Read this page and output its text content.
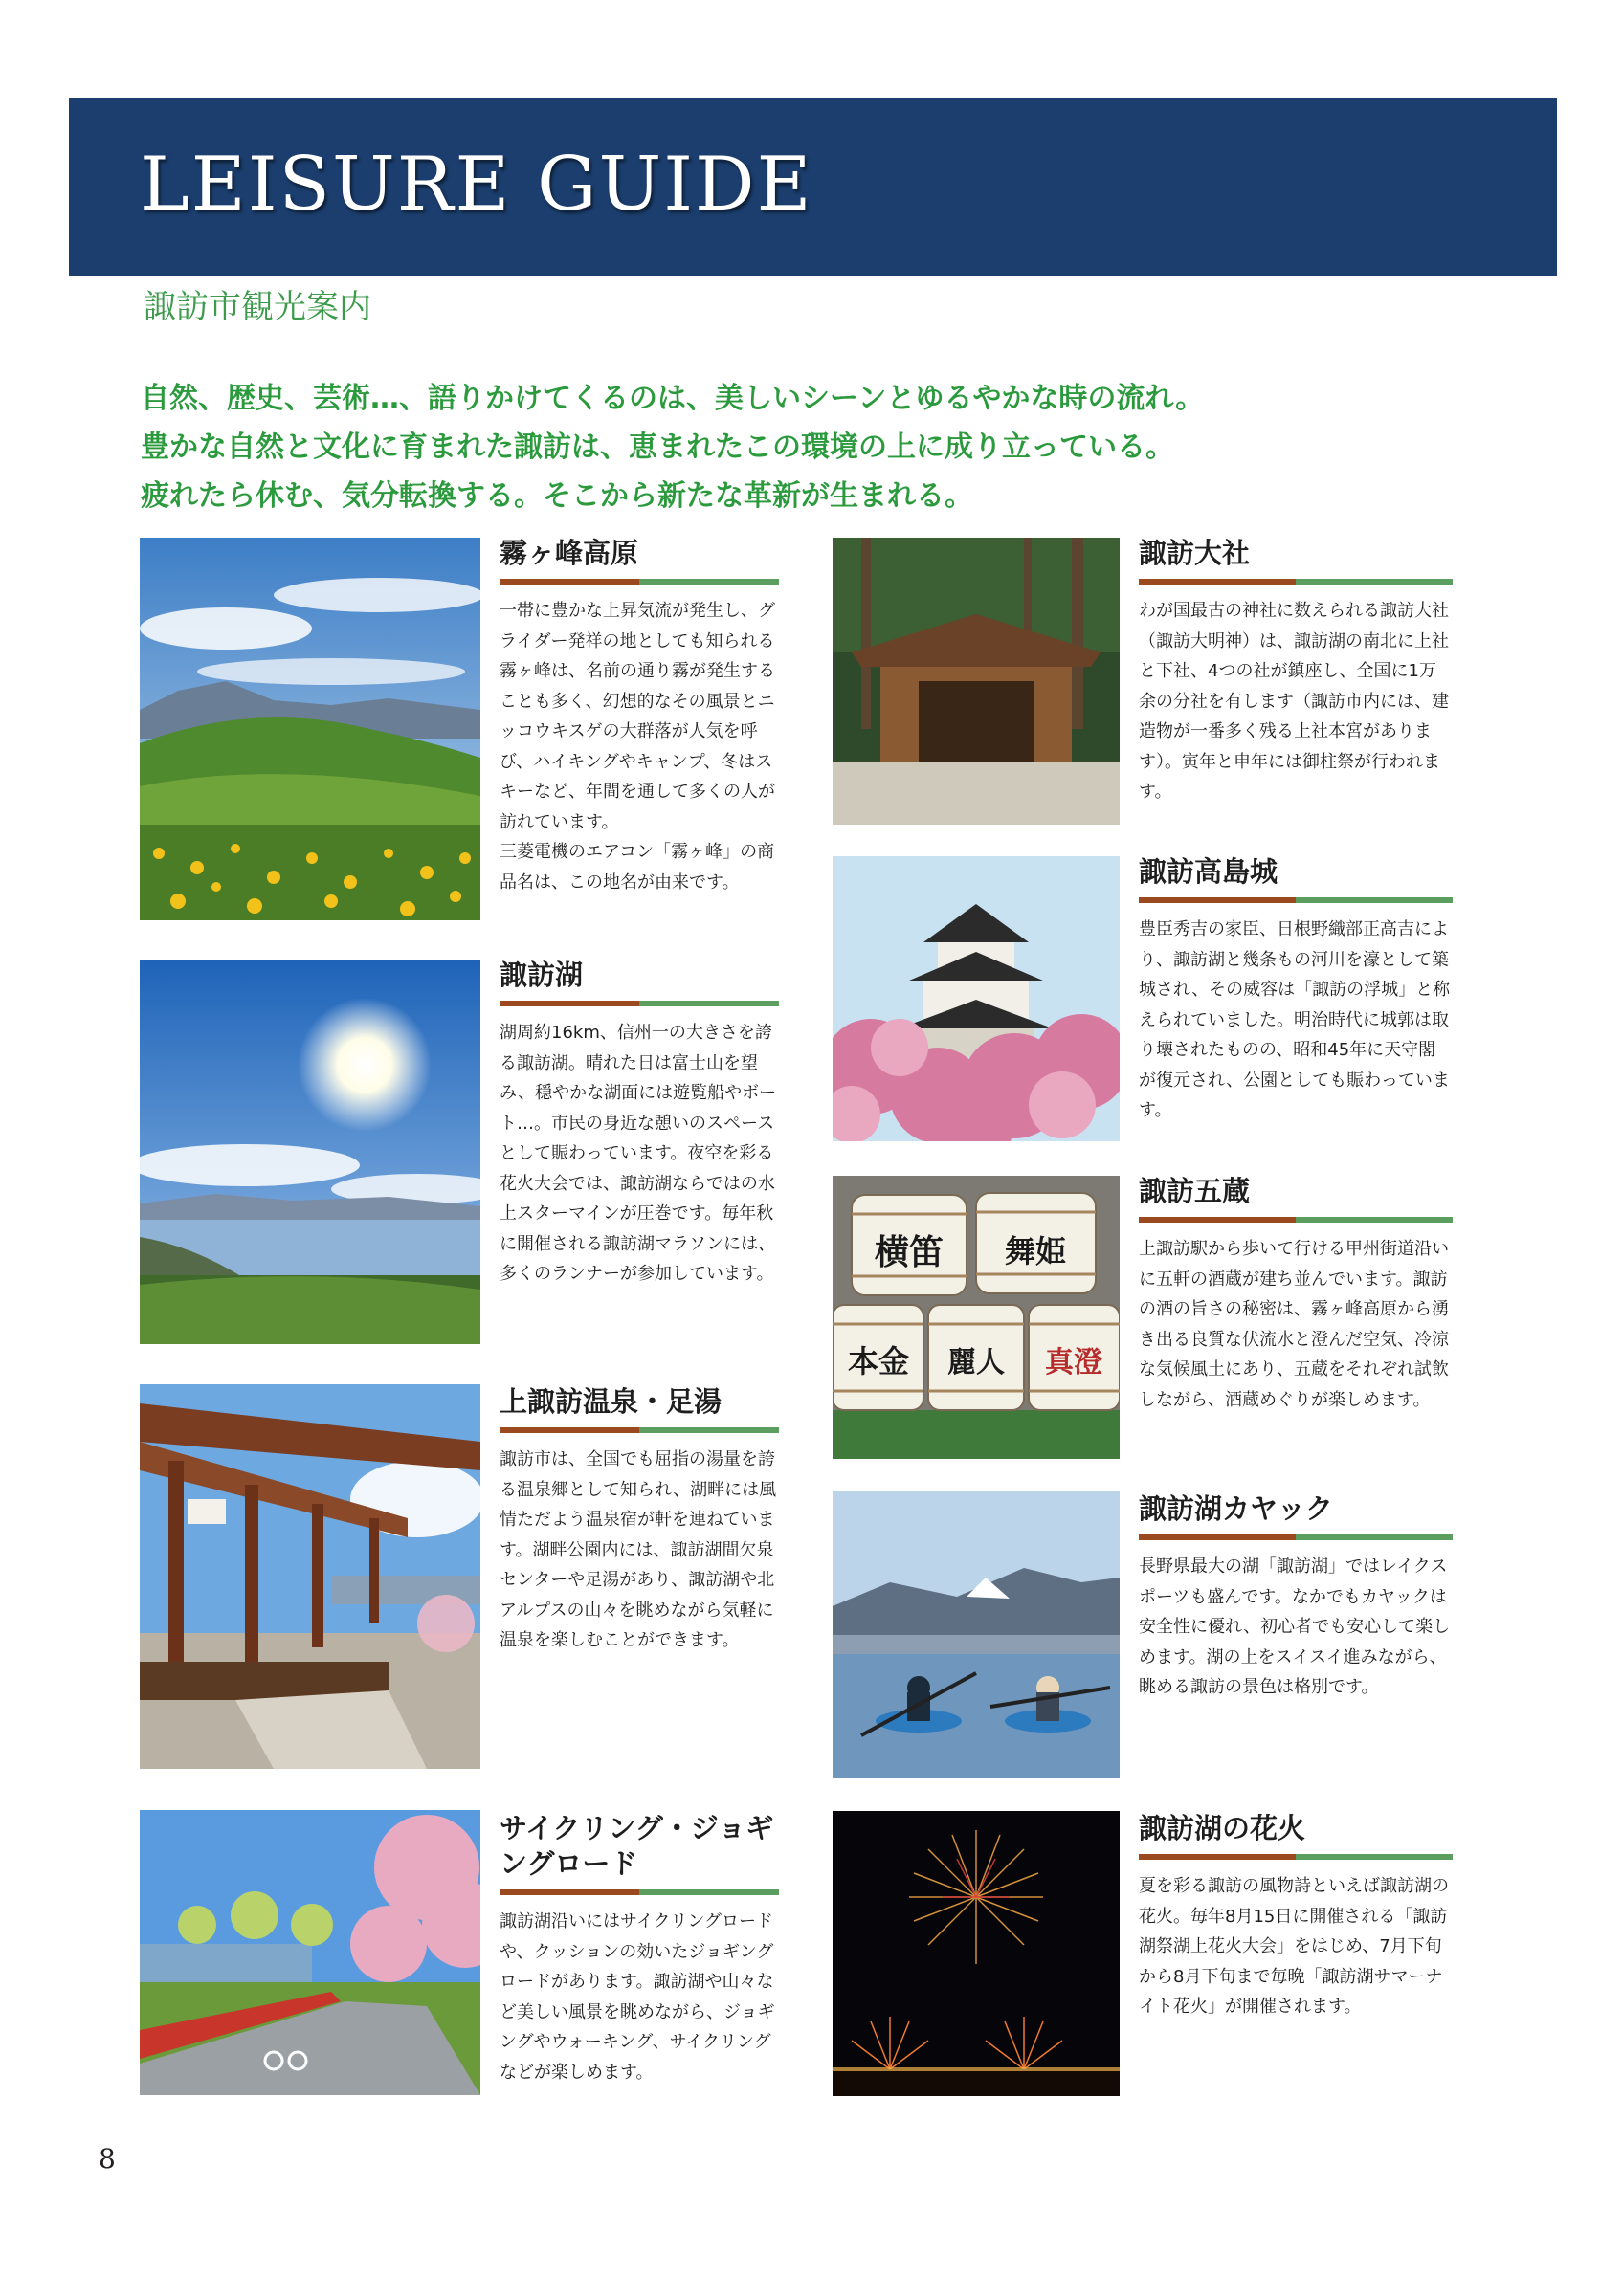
LEISURE GUIDE
諏訪市観光案内
自然、歴史、芸術…、語りかけてくるのは、美しいシーンとゆるやかな時の流れ。
豊かな自然と文化に育まれた諏訪は、恵まれたこの環境の上に成り立っている。
疲れたら休む、気分転換する。そこから新たな革新が生まれる。
霧ヶ峰高原

一帯に豊かな上昇気流が発生し、グライダー発祥の地としても知られる霧ヶ峰は、名前の通り霧が発生することも多く、幻想的なその風景とニッコウキスゲの大群落が人気を呼び、ハイキングやキャンプ、冬はスキーなど、年間を通して多くの人が訪れています。

三菱電機のエアコン「霧ヶ峰」の商品名は、この地名が由来です。

諏訪湖
湖周約16km、信州一の大きさを誇る諏訪湖。晴れた日は富士山を望み、穏やかな湖面には遊覧船やボート…。市民の身近な憩いのスペースとして賑わっています。夜空を彩る花火大会では、諏訪湖ならではの水上スターマインが圧巻です。毎年秋に開催される諏訪湖マラソンには、多くのランナーが参加しています。
上諏訪温泉・足湯
諏訪市は、全国でも屈指の湯量を誇る温泉郷として知られ、湖畔には風情ただよう温泉宿が軒を連ねています。湖畔公園内には、諏訪湖間欠泉センターや足湯があり、諏訪湖や北アルプスの山々を眺めながら気軽に温泉を楽しむことができます。
サイクリング・ジョギングロード
諏訪湖沿いにはサイクリングロードや、クッションの効いたジョギングロードがあります。諏訪湖や山々など美しい風景を眺めながら、ジョギングやウォーキング、サイクリングなどが楽しめます。
諏訪大社
わが国最古の神社に数えられる諏訪大社（諏訪大明神）は、諏訪湖の南北に上社と下社、4つの社が鎮座し、全国に1万余の分社を有します（諏訪市内には、建造物が一番多く残る上社本宮があります）。寅年と申年には御柱祭が行われます。
諏訪高島城
豊臣秀吉の家臣、日根野織部正高吉により、諏訪湖と幾条もの河川を濠として築城され、その威容は「諏訪の浮城」と称えられていました。明治時代に城郭は取り壊されたものの、昭和45年に天守閣が復元され、公園としても賑わっています。
横笛 舞姫
本金 麗人 真澄
諏訪五蔵
上諏訪駅から歩いて行ける甲州街道沿いに五軒の酒蔵が建ち並んでいます。諏訪の酒の旨さの秘密は、霧ヶ峰高原から湧き出る良質な伏流水と澄んだ空気、冷涼な気候風土にあり、五蔵をそれぞれ試飲しながら、酒蔵めぐりが楽しめます。
諏訪湖カヤック
長野県最大の湖「諏訪湖」ではレイクスポーツも盛んです。なかでもカヤックは安全性に優れ、初心者でも安心して楽しめます。湖の上をスイスイ進みながら、眺める諏訪の景色は格別です。
諏訪湖の花火
夏を彩る諏訪の風物詩といえば諏訪湖の花火。毎年8月15日に開催される「諏訪湖祭湖上花火大会」をはじめ、7月下旬から8月下旬まで毎晩「諏訪湖サマーナイト花火」が開催されます。
8
